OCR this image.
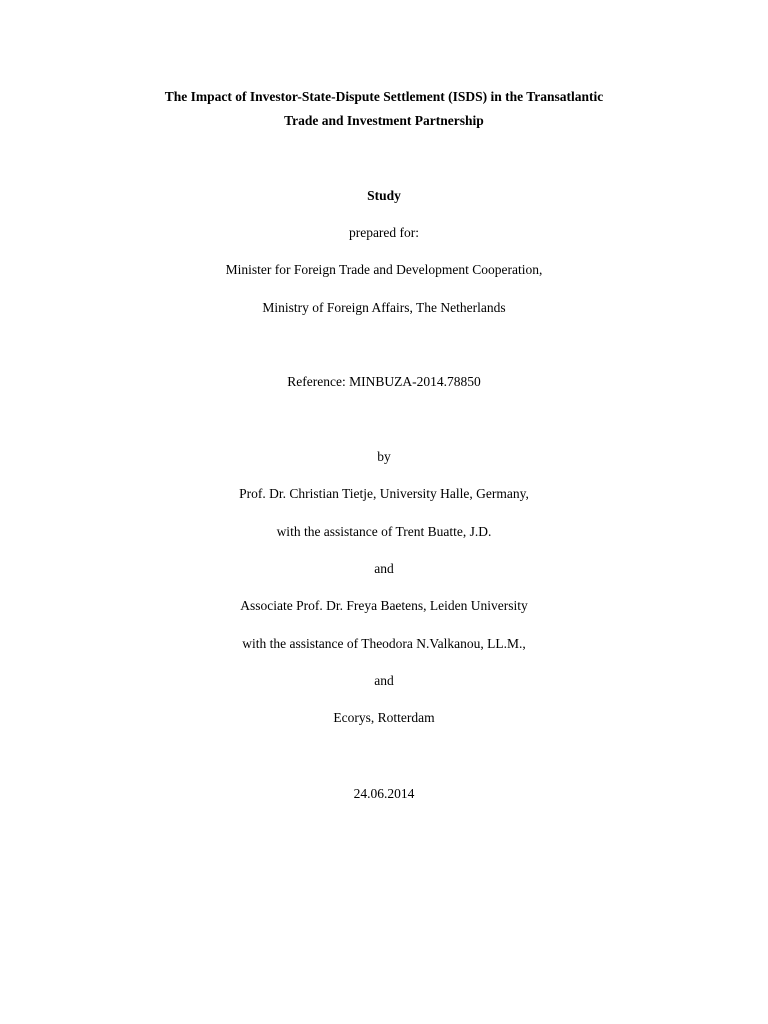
The Impact of Investor-State-Dispute Settlement (ISDS) in the Transatlantic
Trade and Investment Partnership
Study
prepared for:
Minister for Foreign Trade and Development Cooperation,
Ministry of Foreign Affairs, The Netherlands
Reference: MINBUZA-2014.78850
by
Prof. Dr. Christian Tietje, University Halle, Germany,
with the assistance of Trent Buatte, J.D.
and
Associate Prof. Dr. Freya Baetens, Leiden University
with the assistance of Theodora N.Valkanou, LL.M.,
and
Ecorys, Rotterdam
24.06.2014
